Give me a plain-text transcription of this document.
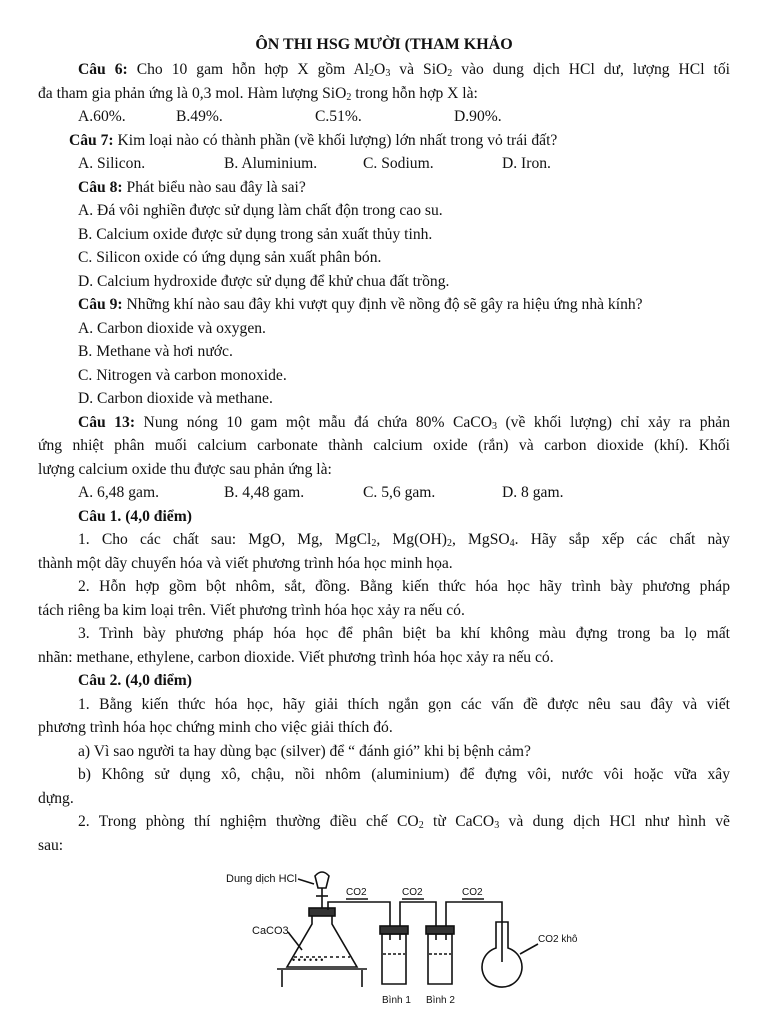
ÔN THI HSG MƯỜI (THAM KHẢO
Câu 6: Cho 10 gam hỗn hợp X gồm $Al_2O_3$ và SiO$_2$ vào dung dịch HCl dư, lượng HCl tối
đa tham gia phản ứng là 0,3 mol. Hàm lượng SiO$_2$ trong hỗn hợp X là:
A.60%.	B.49%.	C.51%.	D.90%.
Câu 7: Kim loại nào có thành phần (về khối lượng) lớn nhất trong vỏ trái đất?
A. Silicon.	B. Aluminium.	C. Sodium.	D. Iron.
Câu 8: Phát biểu nào sau đây là sai?
A. Đá vôi nghiền được sử dụng làm chất độn trong cao su.
B. Calcium oxide được sử dụng trong sản xuất thủy tinh.
C. Silicon oxide có ứng dụng sản xuất phân bón.
D. Calcium hydroxide được sử dụng để khử chua đất trồng.
Câu 9: Những khí nào sau đây khi vượt quy định về nồng độ sẽ gây ra hiệu ứng nhà kính?
A. Carbon dioxide và oxygen.
B. Methane và hơi nước.
C. Nitrogen và carbon monoxide.
D. Carbon dioxide và methane.
Câu 13: Nung nóng 10 gam một mẫu đá chứa 80% CaCO$_3$ (về khối lượng) chỉ xảy ra phản
ứng nhiệt phân muối calcium carbonate thành calcium oxide (rắn) và carbon dioxide (khí). Khối
lượng calcium oxide thu được sau phản ứng là:
A. 6,48 gam.	B. 4,48 gam.	C. 5,6 gam.	D. 8 gam.
Câu 1. (4,0 điểm)
1. Cho các chất sau: MgO, Mg, MgCl$_2$, $Mg(OH)_2$, MgSO$_4$. Hãy sắp xếp các chất này
thành một dãy chuyển hóa và viết phương trình hóa học minh họa.
2. Hỗn hợp gồm bột nhôm, sắt, đồng. Bằng kiến thức hóa học hãy trình bày phương pháp
tách riêng ba kim loại trên. Viết phương trình hóa học xảy ra nếu có.
3. Trình bày phương pháp hóa học để phân biệt ba khí không màu đựng trong ba lọ mất
nhãn: methane, ethylene, carbon dioxide. Viết phương trình hóa học xảy ra nếu có.
Câu 2. (4,0 điểm)
1. Bằng kiến thức hóa học, hãy giải thích ngắn gọn các vấn đề được nêu sau đây và viết
phương trình hóa học chứng minh cho việc giải thích đó.
a) Vì sao người ta hay dùng bạc (silver) để “ đánh gió” khi bị bệnh cảm?
b) Không sử dụng xô, chậu, nồi nhôm (aluminium) để đựng vôi, nước vôi hoặc vữa xây
dựng.
2. Trong phòng thí nghiệm thường điều chế $CO_2$ từ CaCO$_3$ và dung dịch HCl như hình vẽ
sau:
Dung dịch HCl
• • • • • •
CaCO3
CO2	CO2	CO2
Bình 1 Bình 2
CO2 khô
